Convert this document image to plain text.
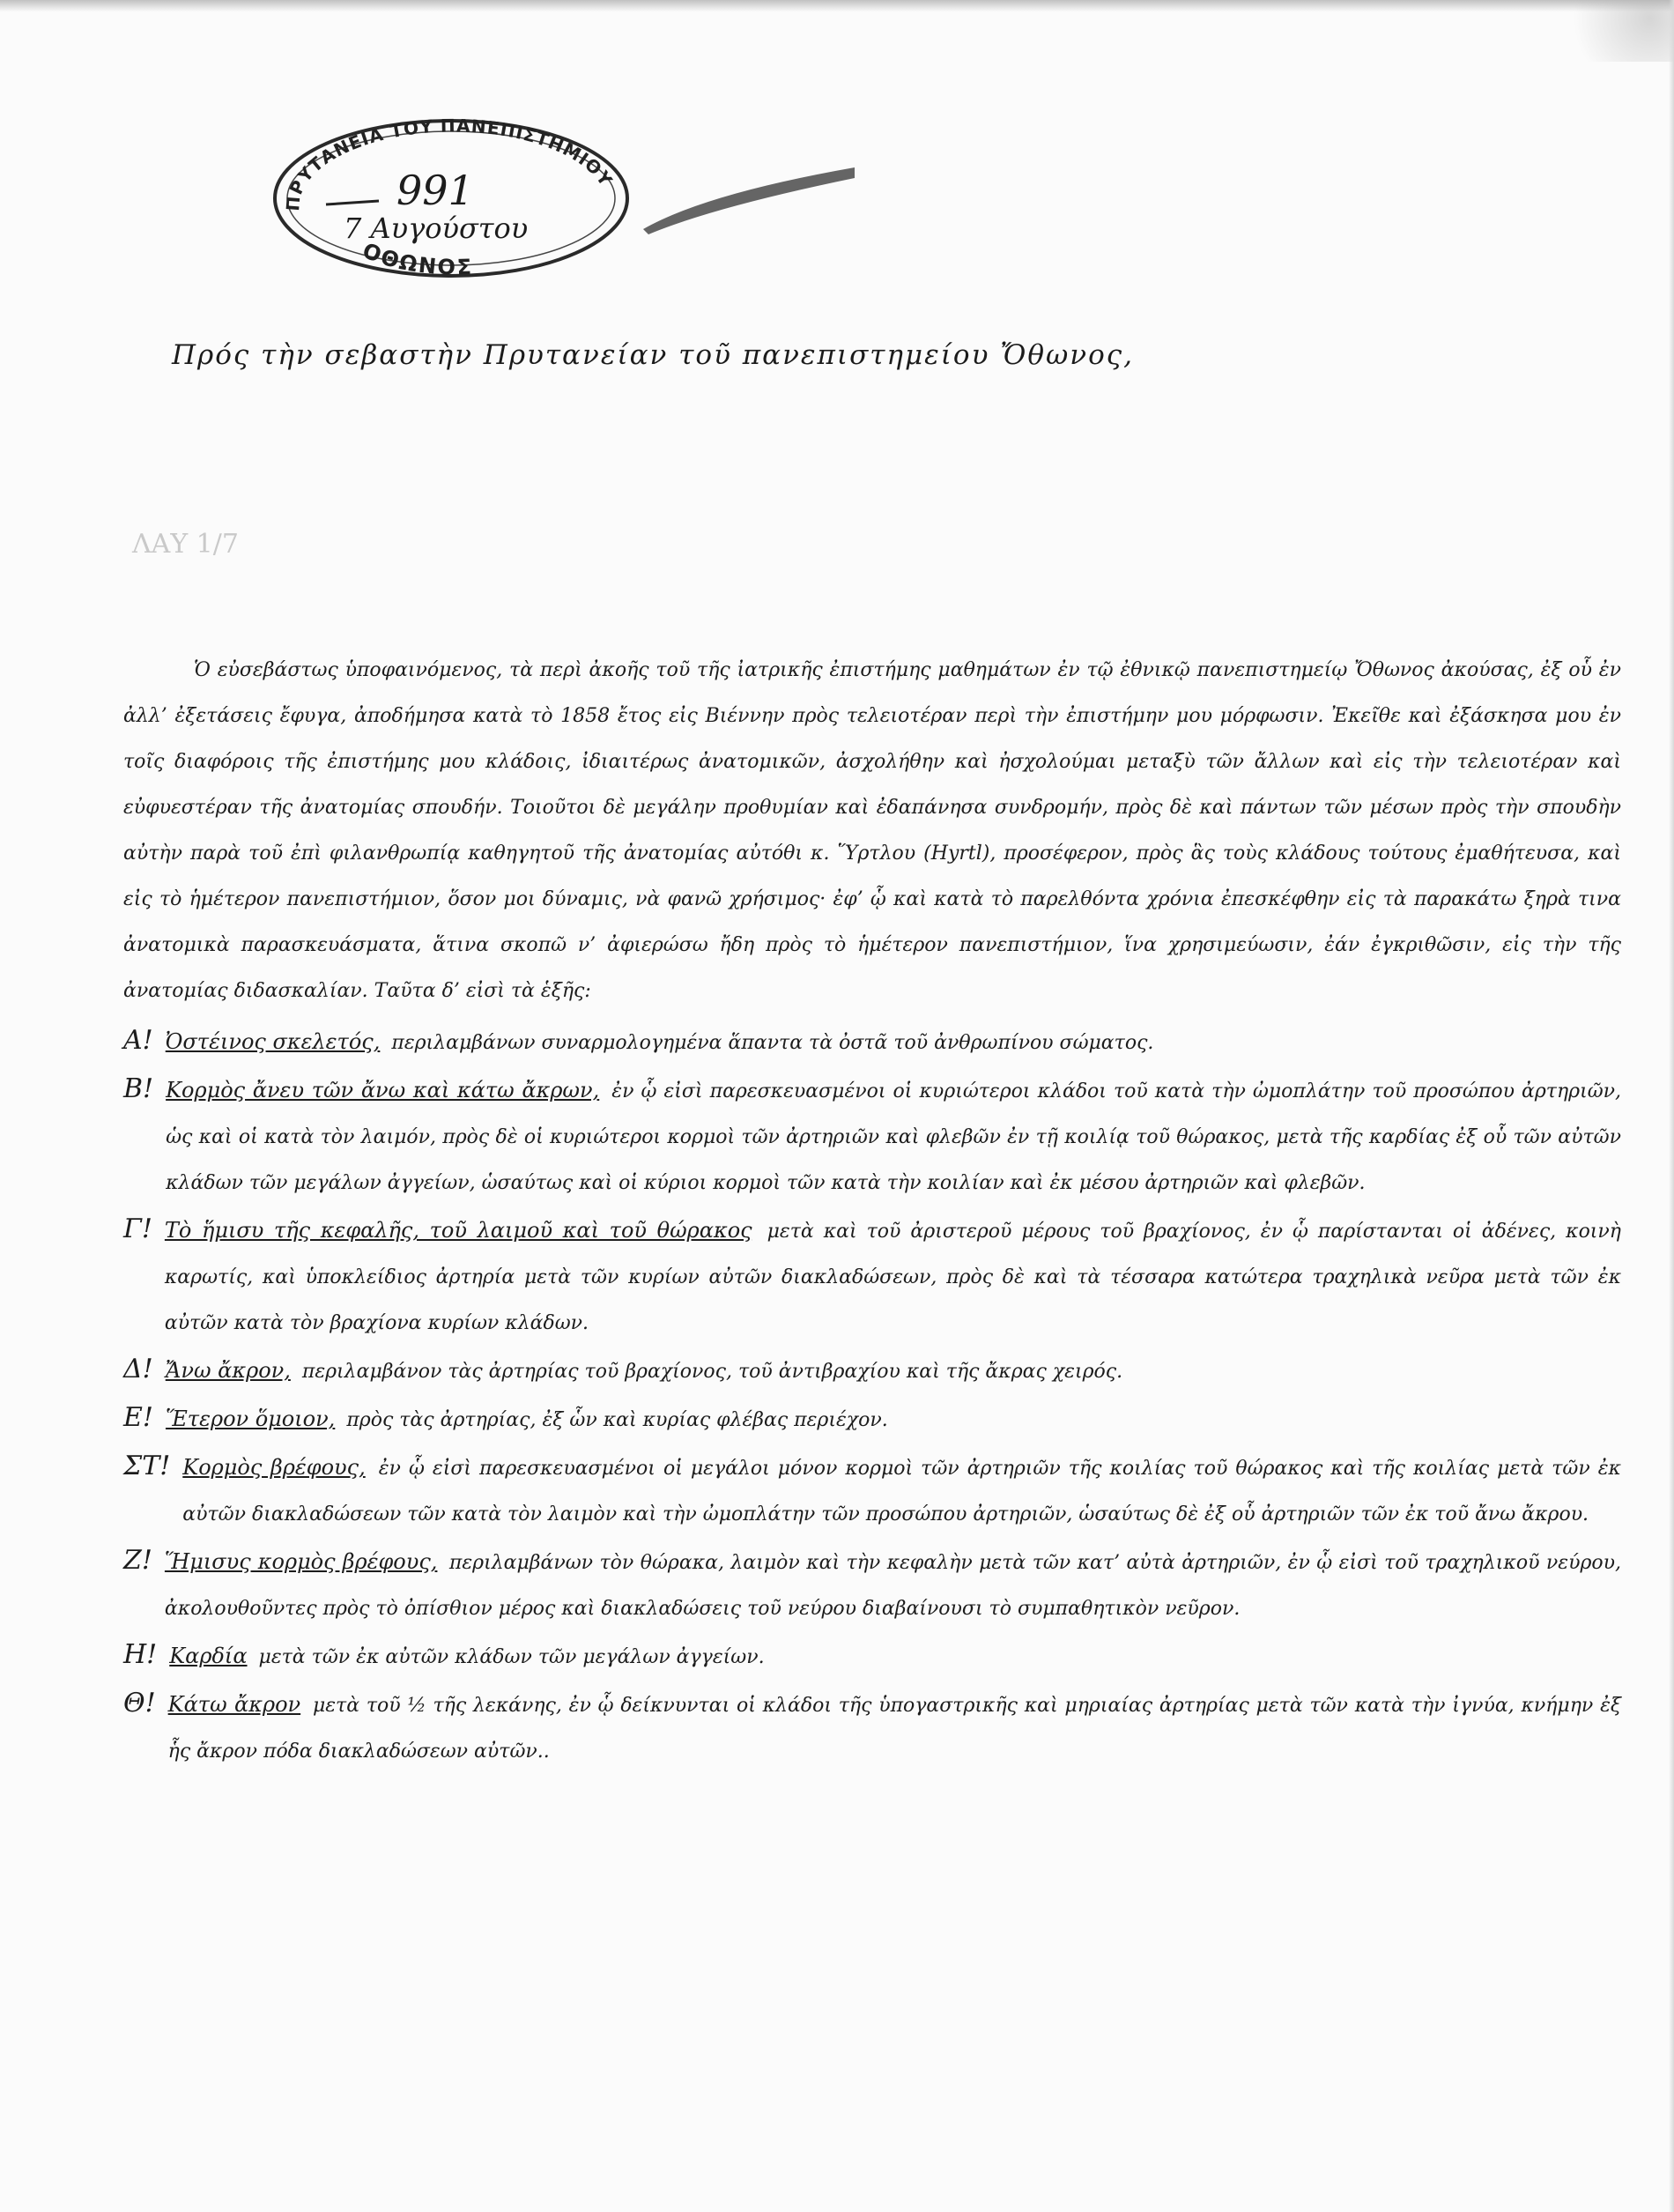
ΠΡΥΤΑΝΕΙΑ ΤΟΥ ΠΑΝΕΠΙΣΤΗΜΙΟΥ
991
7 Αυγούστου
ΟΘΩΝΟΣ
Πρός τὴν σεβαστὴν Πρυτανείαν τοῦ πανεπιστημείου Ὄθωνος,
ΛΑΥ 1/7

Ὁ εὐσεβάστως ὑποφαινόμενος, τὰ περὶ ἀκοῆς τοῦ τῆς ἰατρικῆς ἐπιστήμης μαθημάτων ἐν τῷ ἐθνικῷ πανεπιστημείῳ Ὄθωνος ἀκούσας, ἐξ οὗ ἐν ἀλλ’ ἐξετάσεις ἔφυγα, ἀποδήμησα κατὰ τὸ 1858 ἔτος εἰς Βιέννην πρὸς τελειοτέραν περὶ τὴν ἐπιστήμην μου μόρφωσιν. Ἐκεῖθε καὶ ἐξάσκησα μου ἐν τοῖς διαφόροις τῆς ἐπιστήμης μου κλάδοις, ἰδιαιτέρως ἀνατομικῶν, ἀσχολήθην καὶ ἠσχολούμαι μεταξὺ τῶν ἄλλων καὶ εἰς τὴν τελειοτέραν καὶ εὐφυεστέραν τῆς ἀνατομίας σπουδήν. Τοιοῦτοι δὲ μεγάλην προθυμίαν καὶ ἐδαπάνησα συνδρομήν, πρὸς δὲ καὶ πάντων τῶν μέσων πρὸς τὴν σπουδὴν αὐτὴν παρὰ τοῦ ἐπὶ φιλανθρωπίᾳ καθηγητοῦ τῆς ἀνατομίας αὐτόθι κ. Ὕρτλου (Hyrtl), προσέφερον, πρὸς ἃς τοὺς κλάδους τούτους ἐμαθήτευσα, καὶ εἰς τὸ ἡμέτερον πανεπιστήμιον, ὅσον μοι δύναμις, νὰ φανῶ χρήσιμος· ἐφ’ ᾧ καὶ κατὰ τὸ παρελθόντα χρόνια ἐπεσκέφθην εἰς τὰ παρακάτω ξηρὰ τινα ἀνατομικὰ παρασκευάσματα, ἅτινα σκοπῶ ν’ ἀφιερώσω ἤδη πρὸς τὸ ἡμέτερον πανεπιστήμιον, ἵνα χρησιμεύωσιν, ἐάν ἐγκριθῶσιν, εἰς τὴν τῆς ἀνατομίας διδασκαλίαν. Ταῦτα δ’ εἰσὶ τὰ ἑξῆς:

Α! Ὀστέινος σκελετός, περιλαμβάνων συναρμολογημένα ἅπαντα τὰ ὀστᾶ τοῦ ἀνθρωπίνου σώματος.
Β! Κορμὸς ἄνευ τῶν ἄνω καὶ κάτω ἄκρων, ἐν ᾧ εἰσὶ παρεσκευασμένοι οἱ κυριώτεροι κλάδοι τοῦ κατὰ τὴν ὠμοπλάτην τοῦ προσώπου ἀρτηριῶν, ὡς καὶ οἱ κατὰ τὸν λαιμόν, πρὸς δὲ οἱ κυριώτεροι κορμοὶ τῶν ἀρτηριῶν καὶ φλεβῶν ἐν τῇ κοιλίᾳ τοῦ θώρακος, μετὰ τῆς καρδίας ἐξ οὗ τῶν αὐτῶν κλάδων τῶν μεγάλων ἀγγείων, ὡσαύτως καὶ οἱ κύριοι κορμοὶ τῶν κατὰ τὴν κοιλίαν καὶ ἐκ μέσου ἀρτηριῶν καὶ φλεβῶν.
Γ! Τὸ ἥμισυ τῆς κεφαλῆς, τοῦ λαιμοῦ καὶ τοῦ θώρακος μετὰ καὶ τοῦ ἀριστεροῦ μέρους τοῦ βραχίονος, ἐν ᾧ παρίστανται οἱ ἀδένες, κοινὴ καρωτίς, καὶ ὑποκλείδιος ἀρτηρία μετὰ τῶν κυρίων αὐτῶν διακλαδώσεων, πρὸς δὲ καὶ τὰ τέσσαρα κατώτερα τραχηλικὰ νεῦρα μετὰ τῶν ἐκ αὐτῶν κατὰ τὸν βραχίονα κυρίων κλάδων.
Δ! Ἄνω ἄκρον, περιλαμβάνον τὰς ἀρτηρίας τοῦ βραχίονος, τοῦ ἀντιβραχίου καὶ τῆς ἄκρας χειρός.
Ε! Ἕτερον ὅμοιον, πρὸς τὰς ἀρτηρίας, ἐξ ὧν καὶ κυρίας φλέβας περιέχον.
ΣΤ! Κορμὸς βρέφους, ἐν ᾧ εἰσὶ παρεσκευασμένοι οἱ μεγάλοι μόνον κορμοὶ τῶν ἀρτηριῶν τῆς κοιλίας τοῦ θώρακος καὶ τῆς κοιλίας μετὰ τῶν ἐκ αὐτῶν διακλαδώσεων τῶν κατὰ τὸν λαιμὸν καὶ τὴν ὠμοπλάτην τῶν προσώπου ἀρτηριῶν, ὡσαύτως δὲ ἐξ οὗ ἀρτηριῶν τῶν ἐκ τοῦ ἄνω ἄκρου.
Ζ! Ἥμισυς κορμὸς βρέφους, περιλαμβάνων τὸν θώρακα, λαιμὸν καὶ τὴν κεφαλὴν μετὰ τῶν κατ’ αὐτὰ ἀρτηριῶν, ἐν ᾧ εἰσὶ τοῦ τραχηλικοῦ νεύρου, ἀκολουθοῦντες πρὸς τὸ ὀπίσθιον μέρος καὶ διακλαδώσεις τοῦ νεύρου διαβαίνουσι τὸ συμπαθητικὸν νεῦρον.
Η! Καρδία μετὰ τῶν ἐκ αὐτῶν κλάδων τῶν μεγάλων ἀγγείων.
Θ! Κάτω ἄκρον μετὰ τοῦ ½ τῆς λεκάνης, ἐν ᾧ δείκνυνται οἱ κλάδοι τῆς ὑπογαστρικῆς καὶ μηριαίας ἀρτηρίας μετὰ τῶν κατὰ τὴν ἰγνύα, κνήμην ἐξ ἧς ἄκρον πόδα διακλαδώσεων αὐτῶν..
